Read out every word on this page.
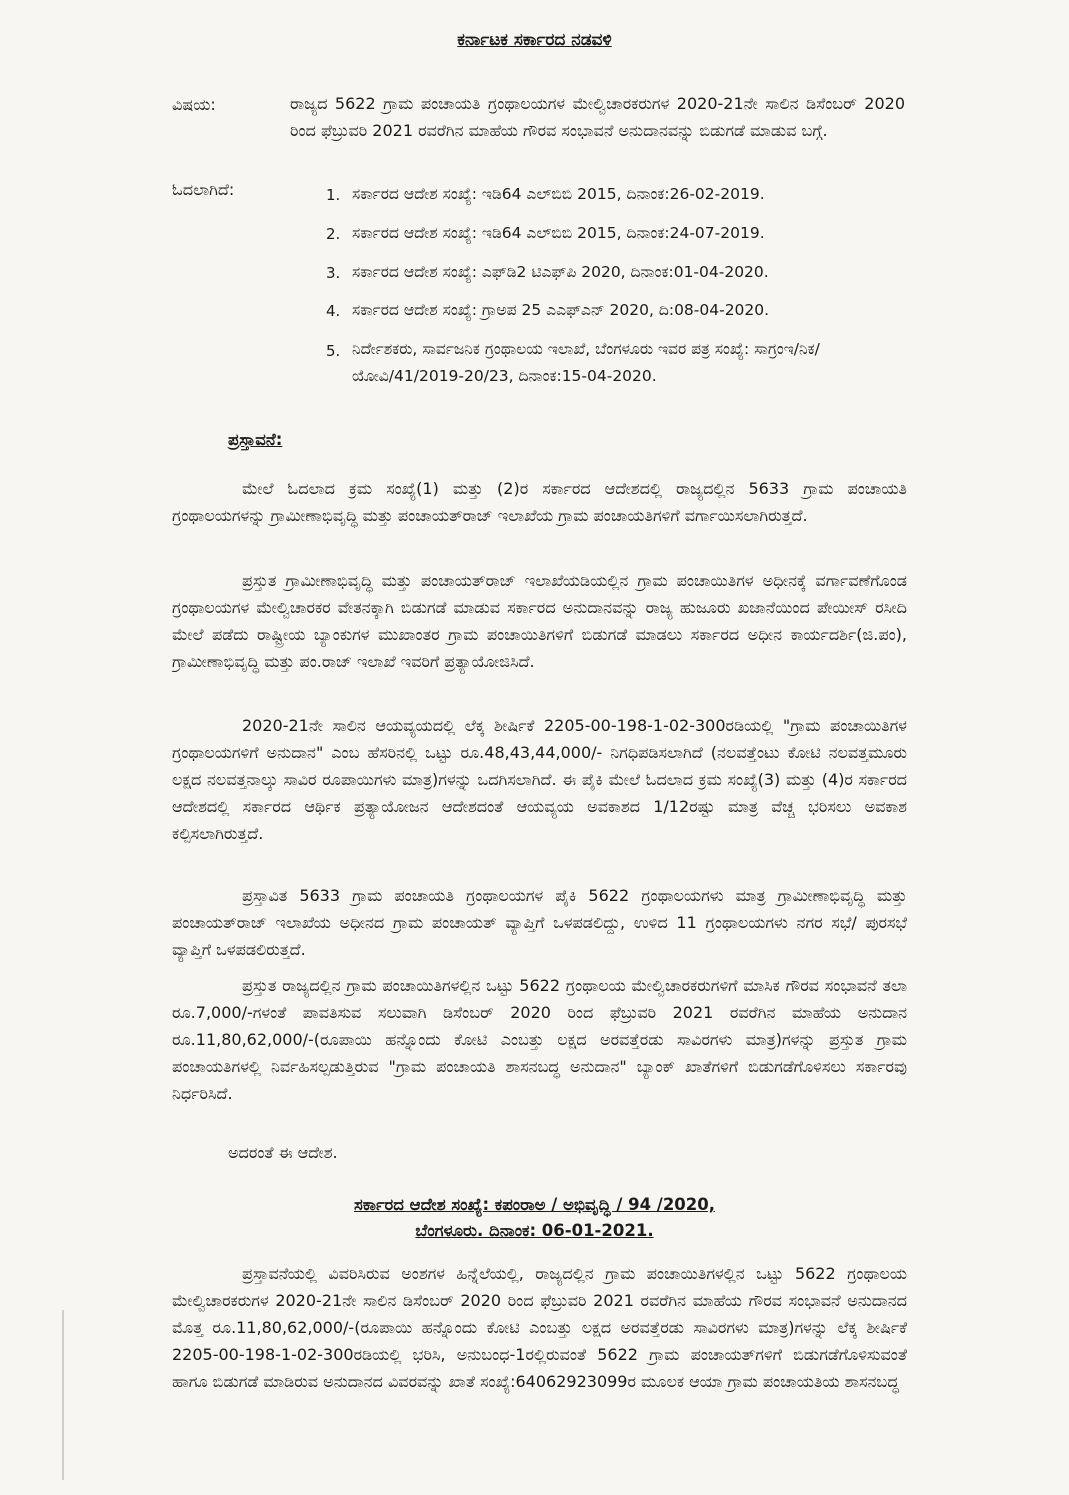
ಕರ್ನಾಟಕ ಸರ್ಕಾರದ ನಡವಳಿ
ವಿಷಯ:	ರಾಜ್ಯದ 5622 ಗ್ರಾಮ ಪಂಚಾಯತಿ ಗ್ರಂಥಾಲಯಗಳ ಮೇಲ್ವಿಚಾರಕರುಗಳ 2020-21ನೇ ಸಾಲಿನ ಡಿಸೆಂಬರ್ 2020 ರಿಂದ ಫೆಬ್ರುವರಿ 2021 ರವರೆಗಿನ ಮಾಹೆಯ ಗೌರವ ಸಂಭಾವನೆ ಅನುದಾನವನ್ನು ಬಿಡುಗಡೆ ಮಾಡುವ ಬಗ್ಗೆ.
ಓದಲಾಗಿದೆ:	1. ಸರ್ಕಾರದ ಆದೇಶ ಸಂಖ್ಯೆ: ಇಡಿ64 ಎಲ್‌ಬಿಬಿ 2015, ದಿನಾಂಕ:26-02-2019.
2. ಸರ್ಕಾರದ ಆದೇಶ ಸಂಖ್ಯೆ: ಇಡಿ64 ಎಲ್‌ಬಿಬಿ 2015, ದಿನಾಂಕ:24-07-2019.
3. ಸರ್ಕಾರದ ಆದೇಶ ಸಂಖ್ಯೆ: ಎಫ್‌ಡಿ2 ಟಿಎಫ್‌ಪಿ 2020, ದಿನಾಂಕ:01-04-2020.
4. ಸರ್ಕಾರದ ಆದೇಶ ಸಂಖ್ಯೆ: ಗ್ರಾಅಪ 25 ಎಎಫ್‌ಎನ್ 2020, ದಿ:08-04-2020.
5. ನಿರ್ದೇಶಕರು, ಸಾರ್ವಜನಿಕ ಗ್ರಂಥಾಲಯ ಇಲಾಖೆ, ಬೆಂಗಳೂರು ಇವರ ಪತ್ರ ಸಂಖ್ಯೆ: ಸಾಗ್ರಂಇ/ನಿಕ/ಯೋವಿ/41/2019-20/23, ದಿನಾಂಕ:15-04-2020.
ಪ್ರಸ್ತಾವನೆ:
ಮೇಲೆ ಓದಲಾದ ಕ್ರಮ ಸಂಖ್ಯೆ(1) ಮತ್ತು (2)ರ ಸರ್ಕಾರದ ಆದೇಶದಲ್ಲಿ ರಾಜ್ಯದಲ್ಲಿನ 5633 ಗ್ರಾಮ ಪಂಚಾಯತಿ ಗ್ರಂಥಾಲಯಗಳನ್ನು ಗ್ರಾಮೀಣಾಭಿವೃದ್ಧಿ ಮತ್ತು ಪಂಚಾಯತ್‌ರಾಜ್ ಇಲಾಖೆಯ ಗ್ರಾಮ ಪಂಚಾಯತಿಗಳಿಗೆ ವರ್ಗಾಯಿಸಲಾಗಿರುತ್ತದೆ.
ಪ್ರಸ್ತುತ ಗ್ರಾಮೀಣಾಭಿವೃದ್ಧಿ ಮತ್ತು ಪಂಚಾಯತ್‌ರಾಜ್ ಇಲಾಖೆಯಡಿಯಲ್ಲಿನ ಗ್ರಾಮ ಪಂಚಾಯಿತಿಗಳ ಅಧೀನಕ್ಕೆ ವರ್ಗಾವಣೆಗೊಂಡ ಗ್ರಂಥಾಲಯಗಳ ಮೇಲ್ವಿಚಾರಕರ ವೇತನಕ್ಕಾಗಿ ಬಿಡುಗಡೆ ಮಾಡುವ ಸರ್ಕಾರದ ಅನುದಾನವನ್ನು ರಾಜ್ಯ ಹುಜೂರು ಖಜಾನೆಯಿಂದ ಪೇಯೀಸ್ ರಸೀದಿ ಮೇಲೆ ಪಡೆದು ರಾಷ್ಟ್ರೀಯ ಬ್ಯಾಂಕುಗಳ ಮುಖಾಂತರ ಗ್ರಾಮ ಪಂಚಾಯಿತಿಗಳಿಗೆ ಬಿಡುಗಡೆ ಮಾಡಲು ಸರ್ಕಾರದ ಅಧೀನ ಕಾರ್ಯದರ್ಶಿ(ಜಿ.ಪಂ), ಗ್ರಾಮೀಣಾಭಿವೃದ್ಧಿ ಮತ್ತು ಪಂ.ರಾಜ್ ಇಲಾಖೆ ಇವರಿಗೆ ಪ್ರತ್ಯಾಯೋಜಿಸಿದೆ.
2020-21ನೇ ಸಾಲಿನ ಆಯವ್ಯಯದಲ್ಲಿ ಲೆಕ್ಕ ಶೀರ್ಷಿಕೆ 2205-00-198-1-02-300ರಡಿಯಲ್ಲಿ "ಗ್ರಾಮ ಪಂಚಾಯಿತಿಗಳ ಗ್ರಂಥಾಲಯಗಳಿಗೆ ಅನುದಾನ" ಎಂಬ ಹೆಸರಿನಲ್ಲಿ ಒಟ್ಟು ರೂ.48,43,44,000/- ನಿಗಧಿಪಡಿಸಲಾಗಿದೆ (ನಲವತ್ತೆಂಟು ಕೋಟಿ ನಲವತ್ತಮೂರು ಲಕ್ಷದ ನಲವತ್ತನಾಲ್ಕು ಸಾವಿರ ರೂಪಾಯಿಗಳು ಮಾತ್ರ)ಗಳನ್ನು ಒದಗಿಸಲಾಗಿದೆ. ಈ ಪೈಕಿ ಮೇಲೆ ಓದಲಾದ ಕ್ರಮ ಸಂಖ್ಯೆ(3) ಮತ್ತು (4)ರ ಸರ್ಕಾರದ ಆದೇಶದಲ್ಲಿ ಸರ್ಕಾರದ ಆರ್ಥಿಕ ಪ್ರತ್ಯಾಯೋಜನ ಆದೇಶದಂತೆ ಆಯವ್ಯಯ ಅವಕಾಶದ 1/12ರಷ್ಟು ಮಾತ್ರ ವೆಚ್ಚ ಭರಿಸಲು ಅವಕಾಶ ಕಲ್ಪಿಸಲಾಗಿರುತ್ತದೆ.
ಪ್ರಸ್ತಾವಿತ 5633 ಗ್ರಾಮ ಪಂಚಾಯತಿ ಗ್ರಂಥಾಲಯಗಳ ಪೈಕಿ 5622 ಗ್ರಂಥಾಲಯಗಳು ಮಾತ್ರ ಗ್ರಾಮೀಣಾಭಿವೃದ್ಧಿ ಮತ್ತು ಪಂಚಾಯತ್‌ರಾಜ್ ಇಲಾಖೆಯ ಅಧೀನದ ಗ್ರಾಮ ಪಂಚಾಯತ್ ವ್ಯಾಪ್ತಿಗೆ ಒಳಪಡಲಿದ್ದು, ಉಳಿದ 11 ಗ್ರಂಥಾಲಯಗಳು ನಗರ ಸಭೆ/ ಪುರಸಭೆ ವ್ಯಾಪ್ತಿಗೆ ಒಳಪಡಲಿರುತ್ತದೆ.
ಪ್ರಸ್ತುತ ರಾಜ್ಯದಲ್ಲಿನ ಗ್ರಾಮ ಪಂಚಾಯಿತಿಗಳಲ್ಲಿನ ಒಟ್ಟು 5622 ಗ್ರಂಥಾಲಯ ಮೇಲ್ವಿಚಾರಕರುಗಳಿಗೆ ಮಾಸಿಕ ಗೌರವ ಸಂಭಾವನೆ ತಲಾ ರೂ.7,000/-ಗಳಂತೆ ಪಾವತಿಸುವ ಸಲುವಾಗಿ ಡಿಸೆಂಬರ್ 2020 ರಿಂದ ಫೆಬ್ರುವರಿ 2021 ರವರೆಗಿನ ಮಾಹೆಯ ಅನುದಾನ ರೂ.11,80,62,000/-(ರೂಪಾಯಿ ಹನ್ನೊಂದು ಕೋಟಿ ಎಂಬತ್ತು ಲಕ್ಷದ ಅರವತ್ತೆರಡು ಸಾವಿರಗಳು ಮಾತ್ರ)ಗಳನ್ನು ಪ್ರಸ್ತುತ ಗ್ರಾಮ ಪಂಚಾಯತಿಗಳಲ್ಲಿ ನಿರ್ವಹಿಸಲ್ಪಡುತ್ತಿರುವ "ಗ್ರಾಮ ಪಂಚಾಯತಿ ಶಾಸನಬದ್ಧ ಅನುದಾನ" ಬ್ಯಾಂಕ್ ಖಾತೆಗಳಿಗೆ ಬಿಡುಗಡೆಗೊಳಿಸಲು ಸರ್ಕಾರವು ನಿರ್ಧರಿಸಿದೆ.
ಅದರಂತೆ ಈ ಆದೇಶ.
ಸರ್ಕಾರದ ಆದೇಶ ಸಂಖ್ಯೆ: ಕಪಂರಾಅ / ಅಭಿವೃದ್ಧಿ / 94 /2020,
ಬೆಂಗಳೂರು. ದಿನಾಂಕ: 06-01-2021.
ಪ್ರಸ್ತಾವನೆಯಲ್ಲಿ ವಿವರಿಸಿರುವ ಅಂಶಗಳ ಹಿನ್ನೆಲೆಯಲ್ಲಿ, ರಾಜ್ಯದಲ್ಲಿನ ಗ್ರಾಮ ಪಂಚಾಯಿತಿಗಳಲ್ಲಿನ ಒಟ್ಟು 5622 ಗ್ರಂಥಾಲಯ ಮೇಲ್ವಿಚಾರಕರುಗಳ 2020-21ನೇ ಸಾಲಿನ ಡಿಸೆಂಬರ್ 2020 ರಿಂದ ಫೆಬ್ರುವರಿ 2021 ರವರೆಗಿನ ಮಾಹೆಯ ಗೌರವ ಸಂಭಾವನೆ ಅನುದಾನದ ಮೊತ್ತ ರೂ.11,80,62,000/-(ರೂಪಾಯಿ ಹನ್ನೊಂದು ಕೋಟಿ ಎಂಬತ್ತು ಲಕ್ಷದ ಅರವತ್ತೆರಡು ಸಾವಿರಗಳು ಮಾತ್ರ)ಗಳನ್ನು ಲೆಕ್ಕ ಶೀರ್ಷಿಕೆ 2205-00-198-1-02-300ರಡಿಯಲ್ಲಿ ಭರಿಸಿ, ಅನುಬಂಧ-1ರಲ್ಲಿರುವಂತೆ 5622 ಗ್ರಾಮ ಪಂಚಾಯತ್‌ಗಳಿಗೆ ಬಿಡುಗಡೆಗೊಳಿಸುವಂತೆ ಹಾಗೂ ಬಿಡುಗಡೆ ಮಾಡಿರುವ ಅನುದಾನದ ವಿವರವನ್ನು ಖಾತೆ ಸಂಖ್ಯೆ:64062923099ರ ಮೂಲಕ ಆಯಾ ಗ್ರಾಮ ಪಂಚಾಯತಿಯ ಶಾಸನಬದ್ಧ
